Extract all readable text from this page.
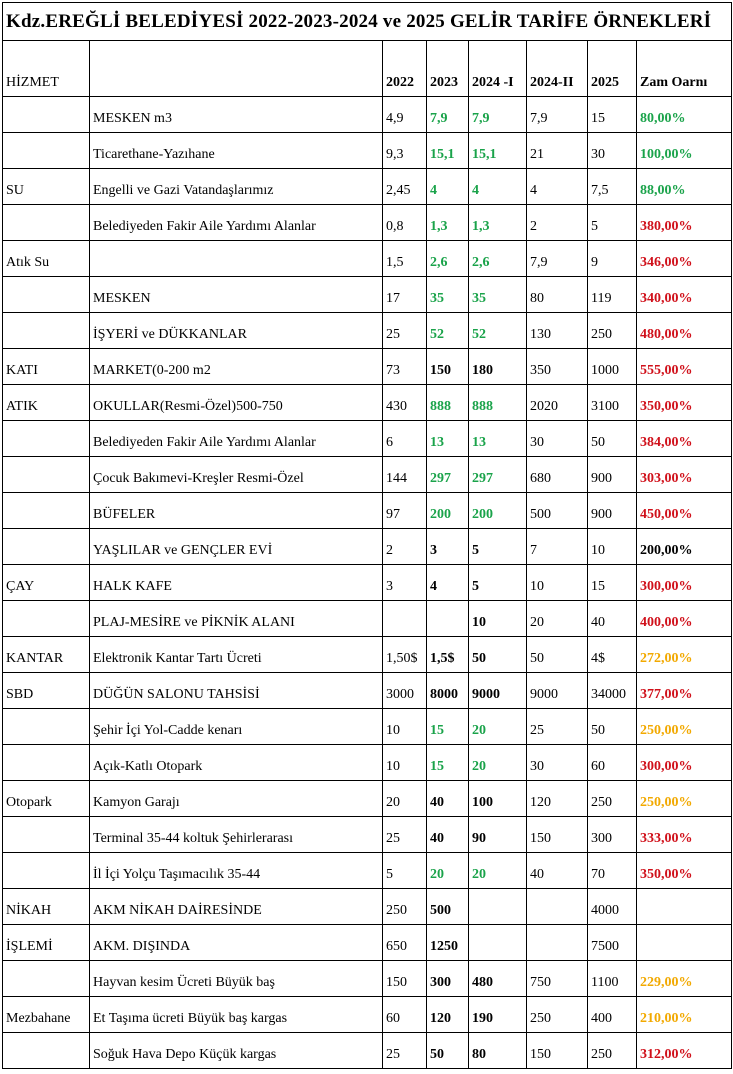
Kdz.EREĞLİ BELEDİYESİ 2022-2023-2024 ve 2025 GELİR TARİFE ÖRNEKLERİ							
HİZMET		2022	2023	2024 -I	2024-II	2025	Zam Oarnı
	MESKEN m3	4,9	7,9	7,9	7,9	15	80,00%
	Ticarethane-Yazıhane	9,3	15,1	15,1	21	30	100,00%
SU	Engelli ve Gazi Vatandaşlarımız	2,45	4	4	4	7,5	88,00%
	Belediyeden Fakir Aile Yardımı Alanlar	0,8	1,3	1,3	2	5	380,00%
Atık Su		1,5	2,6	2,6	7,9	9	346,00%
	MESKEN	17	35	35	80	119	340,00%
	İŞYERİ ve DÜKKANLAR	25	52	52	130	250	480,00%
KATI	MARKET(0-200 m2	73	150	180	350	1000	555,00%
ATIK	OKULLAR(Resmi-Özel)500-750	430	888	888	2020	3100	350,00%
	Belediyeden Fakir Aile Yardımı Alanlar	6	13	13	30	50	384,00%
	Çocuk Bakımevi-Kreşler Resmi-Özel	144	297	297	680	900	303,00%
	BÜFELER	97	200	200	500	900	450,00%
	YAŞLILAR ve GENÇLER EVİ	2	3	5	7	10	200,00%
ÇAY	HALK KAFE	3	4	5	10	15	300,00%
	PLAJ-MESİRE ve PİKNİK ALANI			10	20	40	400,00%
KANTAR	Elektronik Kantar Tartı Ücreti	1,50$	1,5$	50	50	4$	272,00%
SBD	DÜĞÜN SALONU TAHSİSİ	3000	8000	9000	9000	34000	377,00%
	Şehir İçi Yol-Cadde kenarı	10	15	20	25	50	250,00%
	Açık-Katlı Otopark	10	15	20	30	60	300,00%
Otopark	Kamyon Garajı	20	40	100	120	250	250,00%
	Terminal 35-44 koltuk Şehirlerarası	25	40	90	150	300	333,00%
	İl İçi Yolçu Taşımacılık 35-44	5	20	20	40	70	350,00%
NİKAH	AKM NİKAH DAİRESİNDE	250	500			4000	
İŞLEMİ	AKM. DIŞINDA	650	1250			7500	
	Hayvan kesim Ücreti Büyük baş	150	300	480	750	1100	229,00%
Mezbahane	Et Taşıma ücreti Büyük baş kargas	60	120	190	250	400	210,00%
	Soğuk Hava Depo Küçük kargas	25	50	80	150	250	312,00%
